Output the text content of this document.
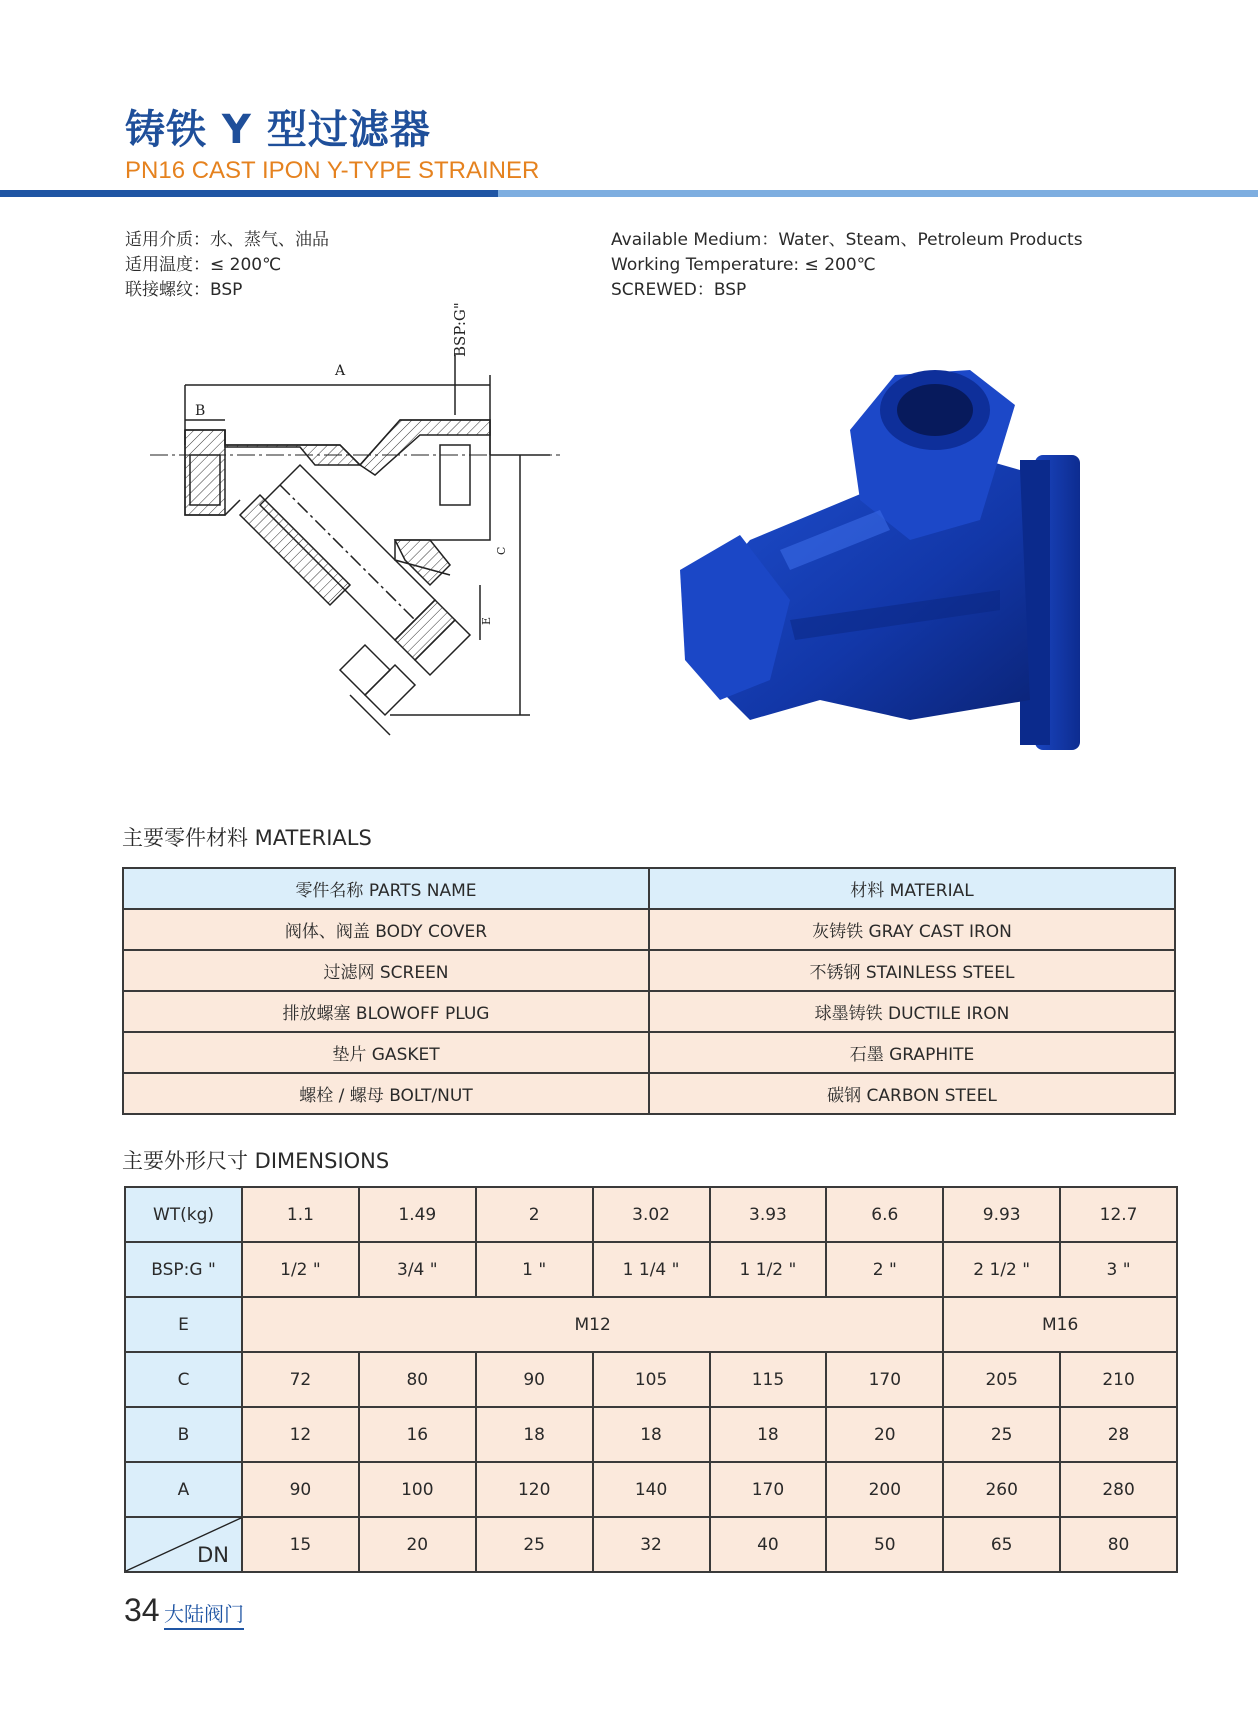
铸铁 Y 型过滤器
PN16 CAST IPON Y-TYPE STRAINER
适用介质：水、蒸气、油品
适用温度：≤ 200℃
联接螺纹：BSP
Available Medium：Water、Steam、Petroleum Products
Working Temperature: ≤ 200℃
SCREWED：BSP
A
B
C
E
BSP:G"
主要零件材料 MATERIALS
零件名称 PARTS NAME	材料 MATERIAL
阀体、阀盖 BODY COVER	灰铸铁 GRAY CAST IRON
过滤网 SCREEN	不锈钢 STAINLESS STEEL
排放螺塞 BLOWOFF PLUG	球墨铸铁 DUCTILE IRON
垫片 GASKET	石墨 GRAPHITE
螺栓 / 螺母 BOLT/NUT	碳钢 CARBON STEEL
主要外形尺寸 DIMENSIONS
WT(kg)	1.1	1.49	2	3.02	3.93	6.6	9.93	12.7
BSP:G "	1/2 "	3/4 "	1 "	1 1/4 "	1 1/2 "	2 "	2 1/2 "	3 "
E	M12						M16	
C	72	80	90	105	115	170	205	210
B	12	16	18	18	18	20	25	28
A	90	100	120	140	170	200	260	280

DN	15	20	25	32	40	50	65	80
34 大陆阀门
